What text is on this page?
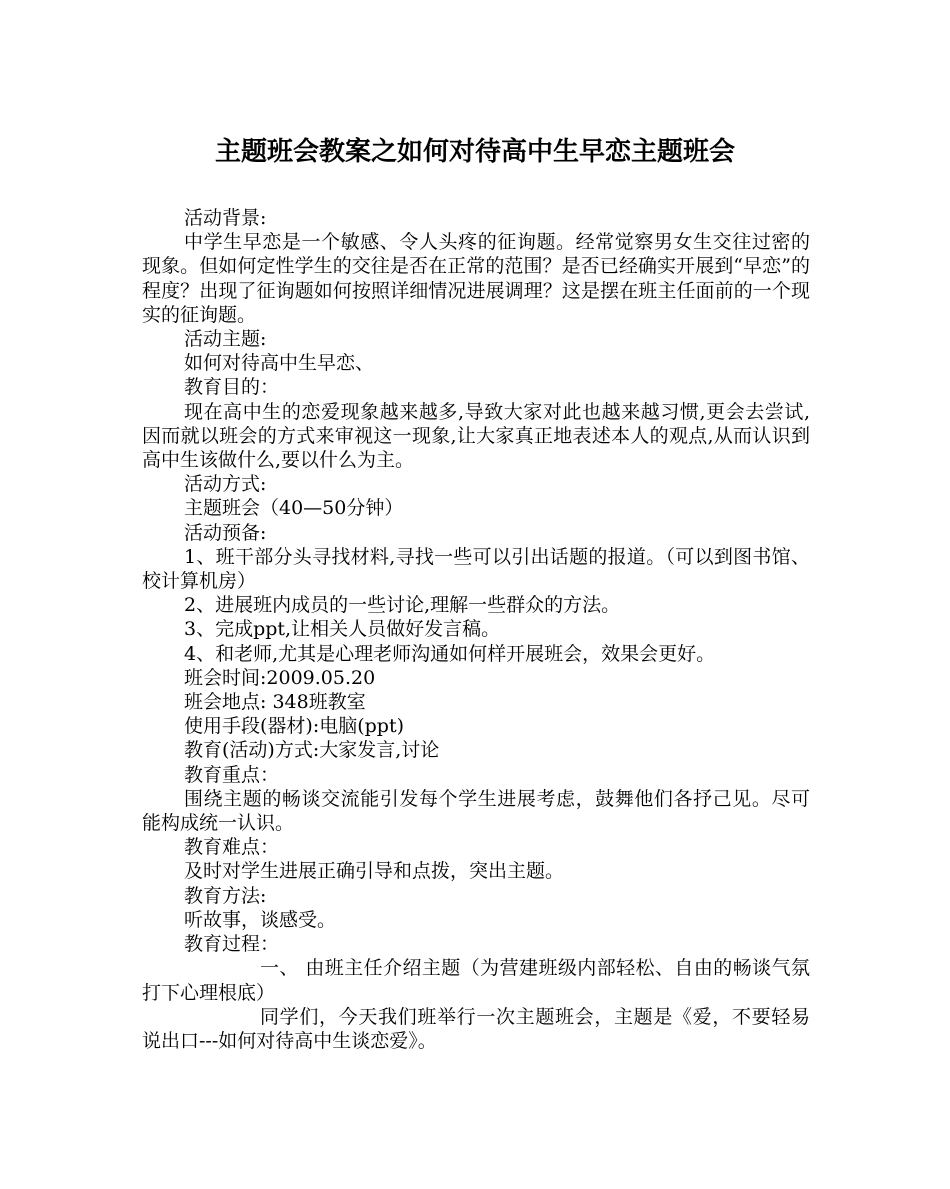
主题班会教案之如何对待高中生早恋主题班会

活动背景:

中学生早恋是一个敏感、令人头疼的征询题。经常觉察男女生交往过密的现象。但如何定性学生的交往是否在正常的范围？是否已经确实开展到“早恋”的程度？出现了征询题如何按照详细情况进展调理？这是摆在班主任面前的一个现实的征询题。

活动主题:

如何对待高中生早恋、

教育目的：

现在高中生的恋爱现象越来越多,导致大家对此也越来越习惯,更会去尝试,因而就以班会的方式来审视这一现象,让大家真正地表述本人的观点,从而认识到高中生该做什么,要以什么为主。

活动方式:

主题班会（40—50分钟）

活动预备:

1、班干部分头寻找材料,寻找一些可以引出话题的报道。（可以到图书馆、校计算机房）

2、进展班内成员的一些讨论,理解一些群众的方法。

3、完成ppt,让相关人员做好发言稿。

4、和老师,尤其是心理老师沟通如何样开展班会，效果会更好。

班会时间:2009.05.20

班会地点: 348班教室

使用手段(器材):电脑(ppt)

教育(活动)方式:大家发言,讨论

教育重点：

围绕主题的畅谈交流能引发每个学生进展考虑，鼓舞他们各抒己见。尽可能构成统一认识。

教育难点：

及时对学生进展正确引导和点拨，突出主题。

教育方法:

听故事，谈感受。

教育过程：

一、 由班主任介绍主题（为营建班级内部轻松、自由的畅谈气氛打下心理根底）

同学们，今天我们班举行一次主题班会，主题是《爱，不要轻易说出口---如何对待高中生谈恋爱》。
